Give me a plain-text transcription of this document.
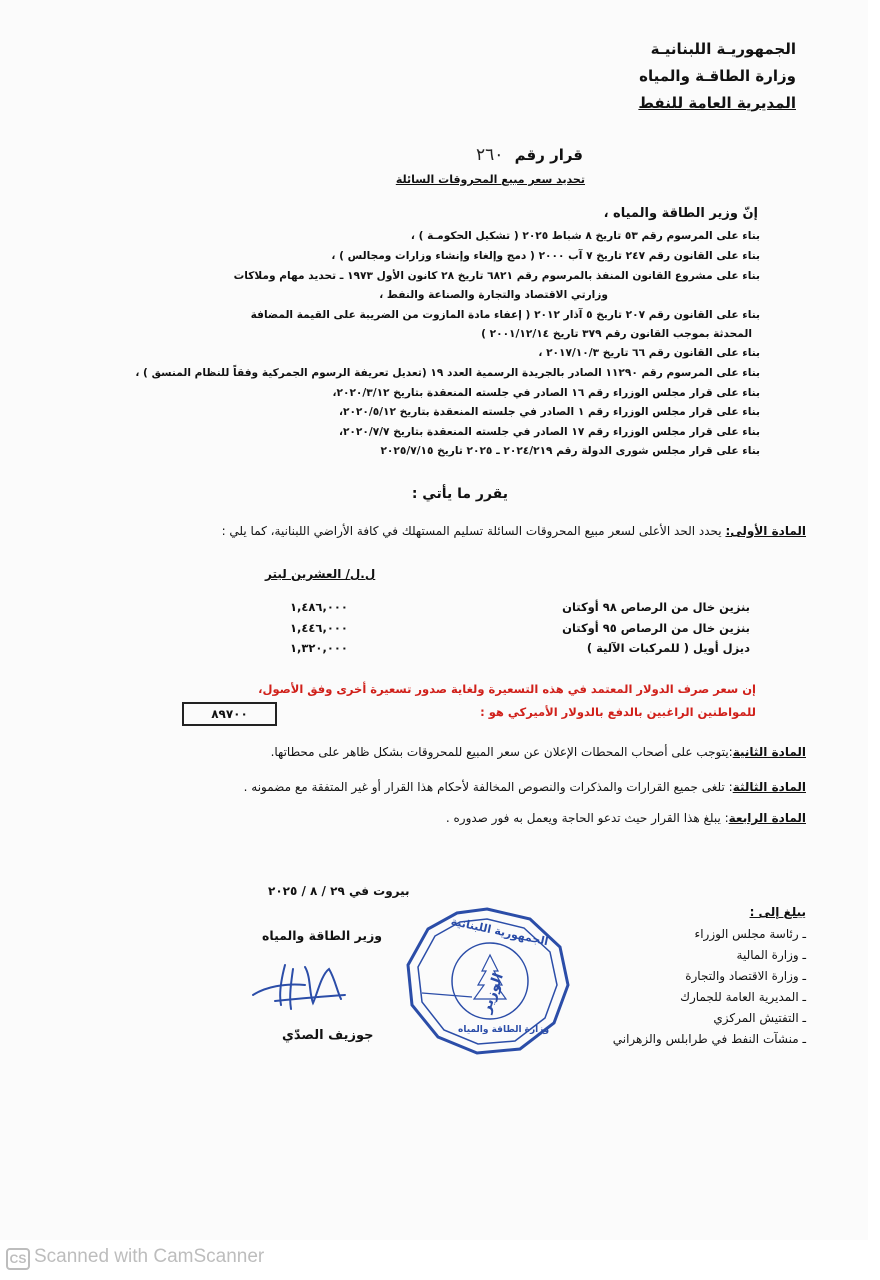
الجمهوريـة اللبنانيـة
وزارة الطاقـة والمياه
المديرية العامة للنفط
قرار رقم ٢٦٠
تحديد سعر مبيع المحروقات السائلة
إنّ وزير الطاقة والمياه ،
بناء على المرسوم رقم ٥٣ تاريخ ٨ شباط ٢٠٢٥ ( تشكيل الحكومـة ) ،
بناء على القانون رقم ٢٤٧ تاريخ ٧ آب ٢٠٠٠ ( دمج وإلغاء وإنشاء وزارات ومجالس ) ،
بناء على مشروع القانون المنفذ بالمرسوم رقم ٦٨٢١ تاريخ ٢٨ كانون الأول ١٩٧٣ ـ تحديد مهام وملاكات
وزارتي الاقتصاد والتجارة والصناعة والنفط ،
بناء على القانون رقم ٢٠٧ تاريخ ٥ آذار ٢٠١٢ ( إعفاء مادة المازوت من الضريبة على القيمة المضافة
المحدثة بموجب القانون رقم ٣٧٩ تاريخ ٢٠٠١/١٢/١٤ )
بناء على القانون رقم ٦٦ تاريخ ٢٠١٧/١٠/٣ ،
بناء على المرسوم رقم ١١٢٩٠ الصادر بالجريدة الرسمية العدد ١٩ (تعديل تعريفة الرسوم الجمركية وفقاً للنظام المنسق ) ،
بناء على قرار مجلس الوزراء رقم ١٦ الصادر في جلسته المنعقدة بتاريخ ٢٠٢٠/٣/١٢،
بناء على قرار مجلس الوزراء رقم ١ الصادر في جلسته المنعقدة بتاريخ ٢٠٢٠/٥/١٢،
بناء على قرار مجلس الوزراء رقم ١٧ الصادر في جلسته المنعقدة بتاريخ ٢٠٢٠/٧/٧،
بناء على قرار مجلس شورى الدولة رقم ٢٠٢٤/٢١٩ ـ ٢٠٢٥ تاريخ ٢٠٢٥/٧/١٥
يقرر ما يأتي :
المادة الأولى: يحدد الحد الأعلى لسعر مبيع المحروقات السائلة تسليم المستهلك في كافة الأراضي اللبنانية، كما يلي :
ل.ل/ العشرين ليتر
بنزين خال من الرصاص ٩٨ أوكتان
١,٤٨٦,٠٠٠
بنزين خال من الرصاص ٩٥ أوكتان
١,٤٤٦,٠٠٠
ديزل أويل ( للمركبات الآلية )
١,٣٢٠,٠٠٠
إن سعر صرف الدولار المعتمد في هذه التسعيرة ولغاية صدور تسعيرة أخرى وفق الأصول،
للمواطنين الراغبين بالدفع بالدولار الأميركي هو :
٨٩٧٠٠
المادة الثانية:يتوجب على أصحاب المحطات الإعلان عن سعر المبيع للمحروقات بشكل ظاهر على محطاتها.
المادة الثالثة: تلغى جميع القرارات والمذكرات والنصوص المخالفة لأحكام هذا القرار أو غير المتفقة مع مضمونه .
المادة الرابعة: يبلغ هذا القرار حيث تدعو الحاجة ويعمل به فور صدوره .
بيروت في ٢٩ / ٨ / ٢٠٢٥
وزير الطاقة والمياه
جوزيف الصدّي
الجمهورية اللبنانية
الوزير
وزارة الطاقة والمياه
يبلغ إلى :
ـ رئاسة مجلس الوزراء
ـ وزارة المالية
ـ وزارة الاقتصاد والتجارة
ـ المديرية العامة للجمارك
ـ التفتيش المركزي
ـ منشآت النفط في طرابلس والزهراني
CS Scanned with CamScanner
